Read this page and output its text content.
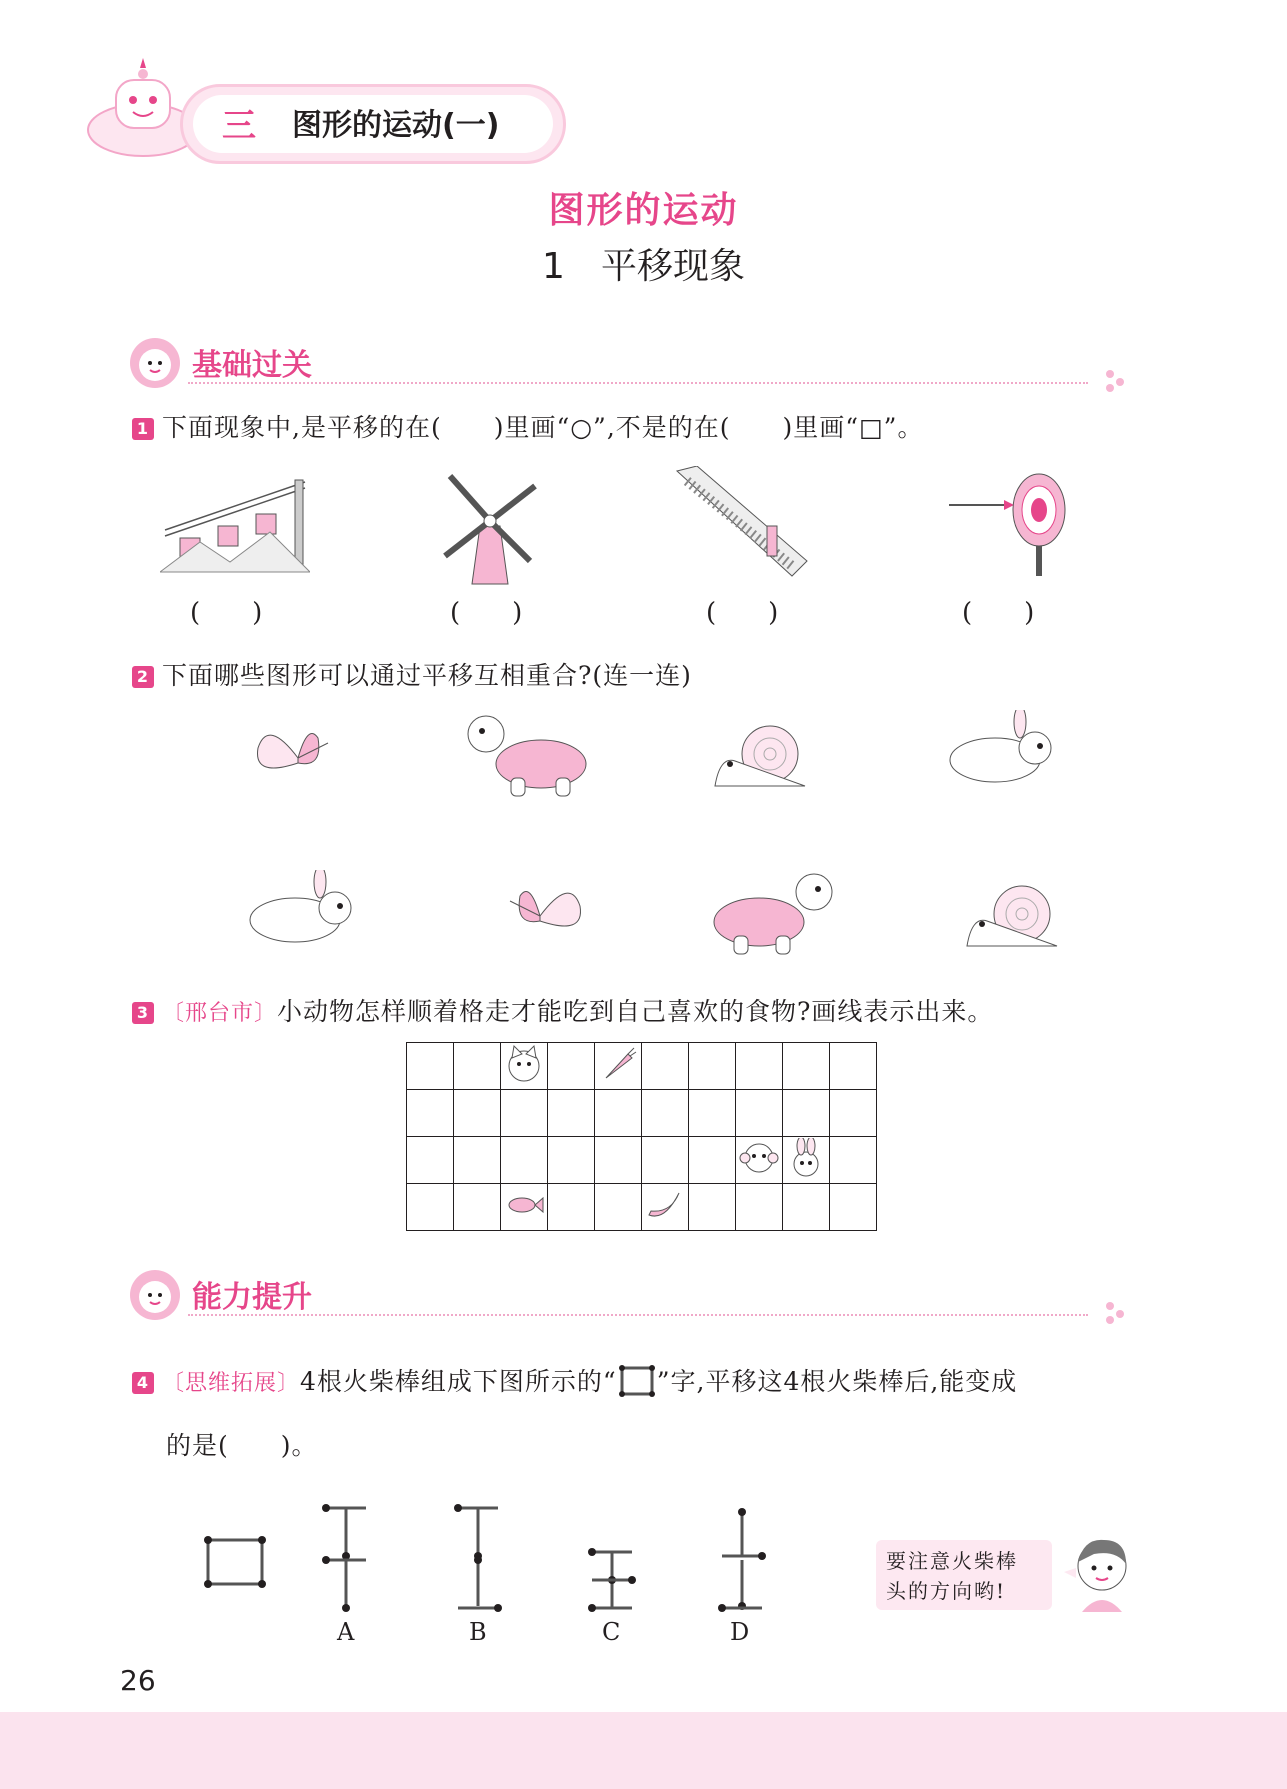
三 图形的运动(一)
图形的运动
1　平移现象
基础过关
1 下面现象中,是平移的在(　　)里画“○”,不是的在(　　)里画“□”。
(　　)	(　　)	(　　)	(　　)
2 下面哪些图形可以通过平移互相重合?(连一连)
3 〔邢台市〕小动物怎样顺着格走才能吃到自己喜欢的食物?画线表示出来。

能力提升
4 〔思维拓展〕4根火柴棒组成下图所示的“ ”字,平移这4根火柴棒后,能变成
的是(　　)。
A	B	C	D
要注意火柴棒
头的方向哟!
26
